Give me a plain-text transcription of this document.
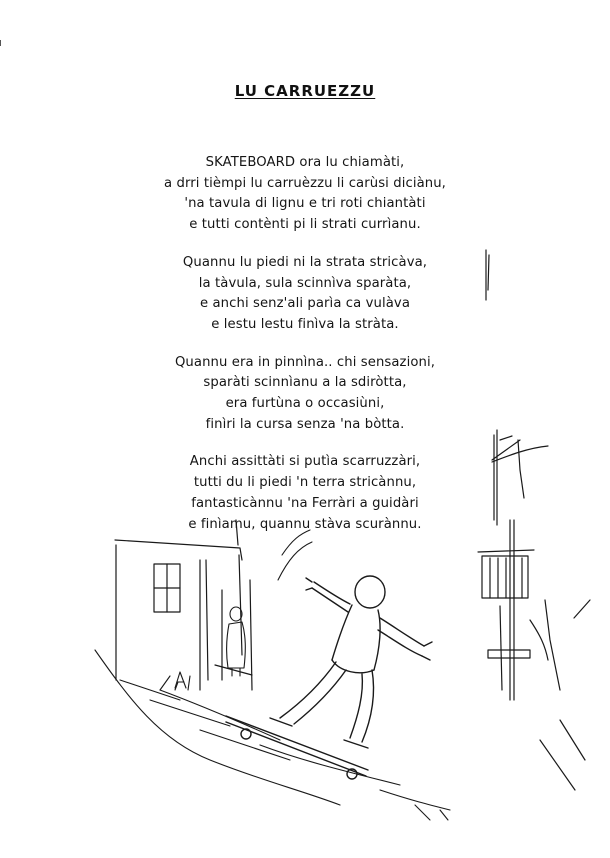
LU CARRUEZZU
SKATEBOARD ora lu chiamàti,
a drri tièmpi lu carruèzzu li carùsi diciànu,
'na tavula di lignu e tri roti chiantàti
e tutti contènti pi li strati currìanu.
Quannu lu piedi ni la strata stricàva,
la tàvula, sula scinnìva sparàta,
e anchi senz'ali parìa ca vulàva
e lestu lestu finìva la stràta.
Quannu era in pinnìna.. chi sensazioni,
sparàti scinnìanu a la sdiròtta,
era furtùna o occasiùni,
finìri la cursa senza 'na bòtta.
Anchi assittàti si putìa scarruzzàri,
tutti du li piedi 'n terra stricànnu,
fantasticànnu 'na Ferràri a guidàri
e finìamu, quannu stàva scurànnu.
